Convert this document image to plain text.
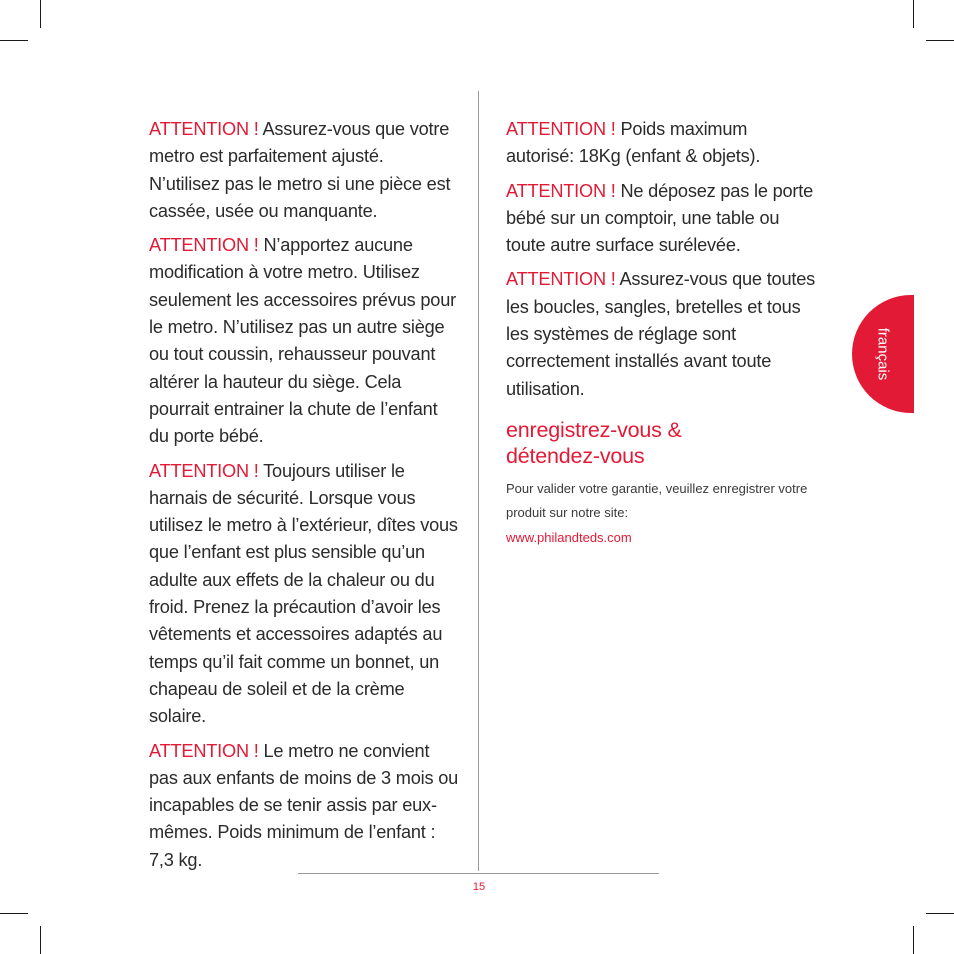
ATTENTION ! Assurez-vous que votre metro est parfaitement ajusté. N’utilisez pas le metro si une pièce est cassée, usée ou manquante.

ATTENTION ! N’apportez aucune modification à votre metro. Utilisez seulement les accessoires prévus pour le metro. N’utilisez pas un autre siège ou tout coussin, rehausseur pouvant altérer la hauteur du siège. Cela pourrait entrainer la chute de l’enfant du porte bébé.

ATTENTION ! Toujours utiliser le harnais de sécurité. Lorsque vous utilisez le metro à l’extérieur, dîtes vous que l’enfant est plus sensible qu’un adulte aux effets de la chaleur ou du froid. Prenez la précaution d’avoir les vêtements et accessoires adaptés au temps qu’il fait comme un bonnet, un chapeau de soleil et de la crème solaire.

ATTENTION ! Le metro ne convient pas aux enfants de moins de 3 mois ou incapables de se tenir assis par eux-mêmes. Poids minimum de l’enfant : 7,3 kg.

ATTENTION ! Poids maximum autorisé: 18Kg (enfant & objets).

ATTENTION ! Ne déposez pas le porte bébé sur un comptoir, une table ou toute autre surface surélevée.

ATTENTION ! Assurez-vous que toutes les boucles, sangles, bretelles et tous les systèmes de réglage sont correctement installés avant toute utilisation.

enregistrez-vous &
détendez-vous

Pour valider votre garantie, veuillez enregistrer votre produit sur notre site:

www.philandteds.com
français
15
